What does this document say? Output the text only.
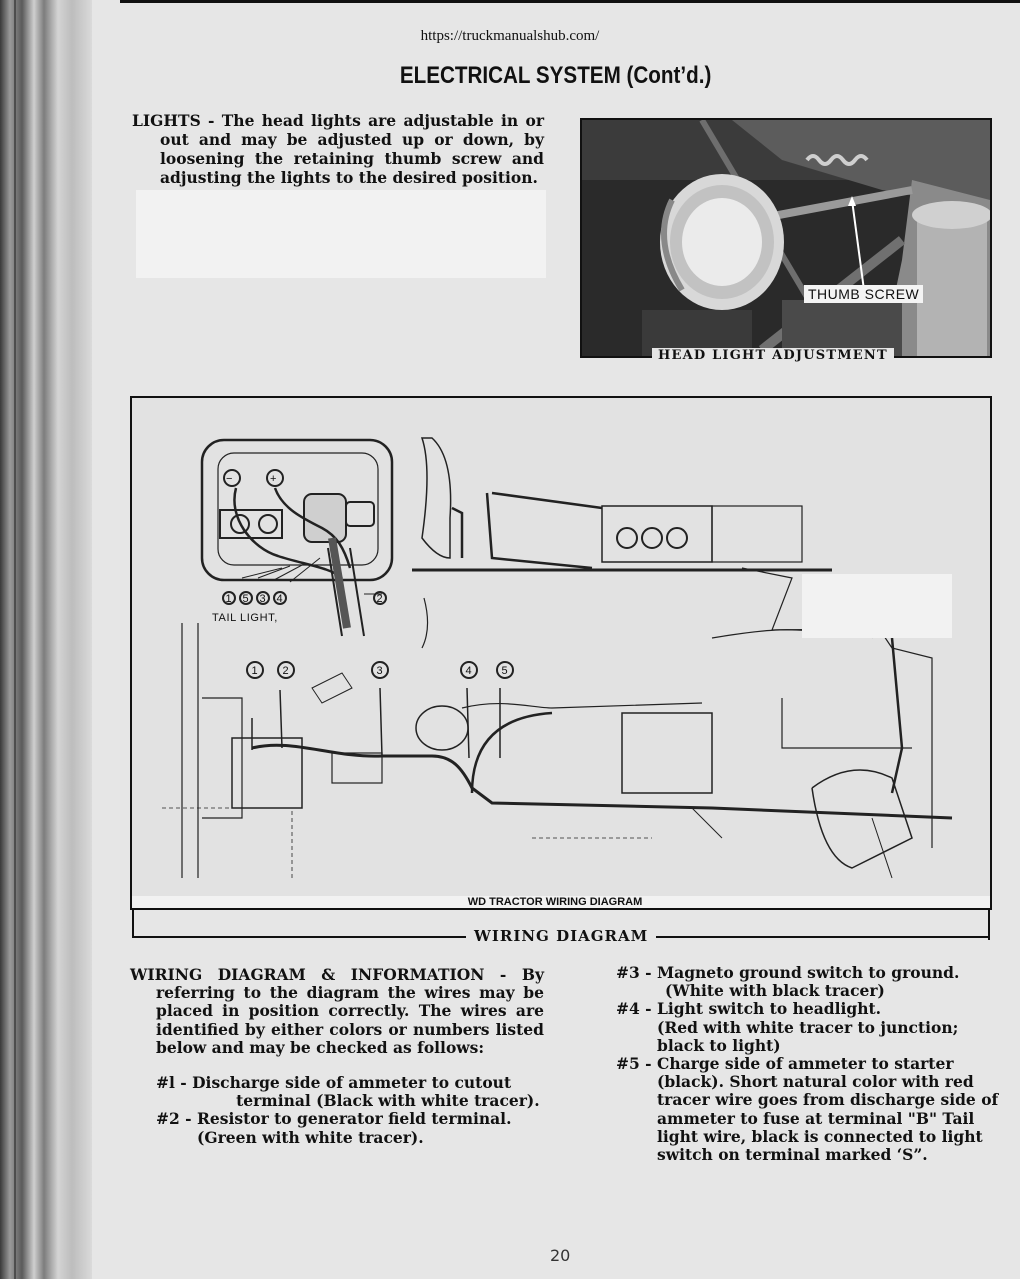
https://truckmanualshub.com/
ELECTRICAL SYSTEM (Cont’d.)
LIGHTS - The head lights are adjustable in or out and may be adjusted up or down, by loosening the retaining thumb screw and adjusting the lights to the desired position.
THUMB SCREW
HEAD LIGHT ADJUSTMENT
−	+
1 5 3 4	2
1 2	3	4	5
TAIL LIGHT,
WD TRACTOR WIRING DIAGRAM
WIRING DIAGRAM
WIRING DIAGRAM & INFORMATION - By referring to the diagram the wires may be placed in position correctly. The wires are identified by either colors or numbers listed below and may be checked as follows:

#l - Discharge side of ammeter to cutout
terminal (Black with white tracer).

#2 - Resistor to generator field terminal.
(Green with white tracer).

#3 - Magneto ground switch to ground.
(White with black tracer)

#4 - Light switch to headlight.
(Red with white tracer to junction; black to light)

#5 - Charge side of ammeter to starter
(black). Short natural color with red tracer wire goes from discharge side of ammeter to fuse at terminal "B" Tail light wire, black is connected to light switch on terminal marked ‘S”.

20
